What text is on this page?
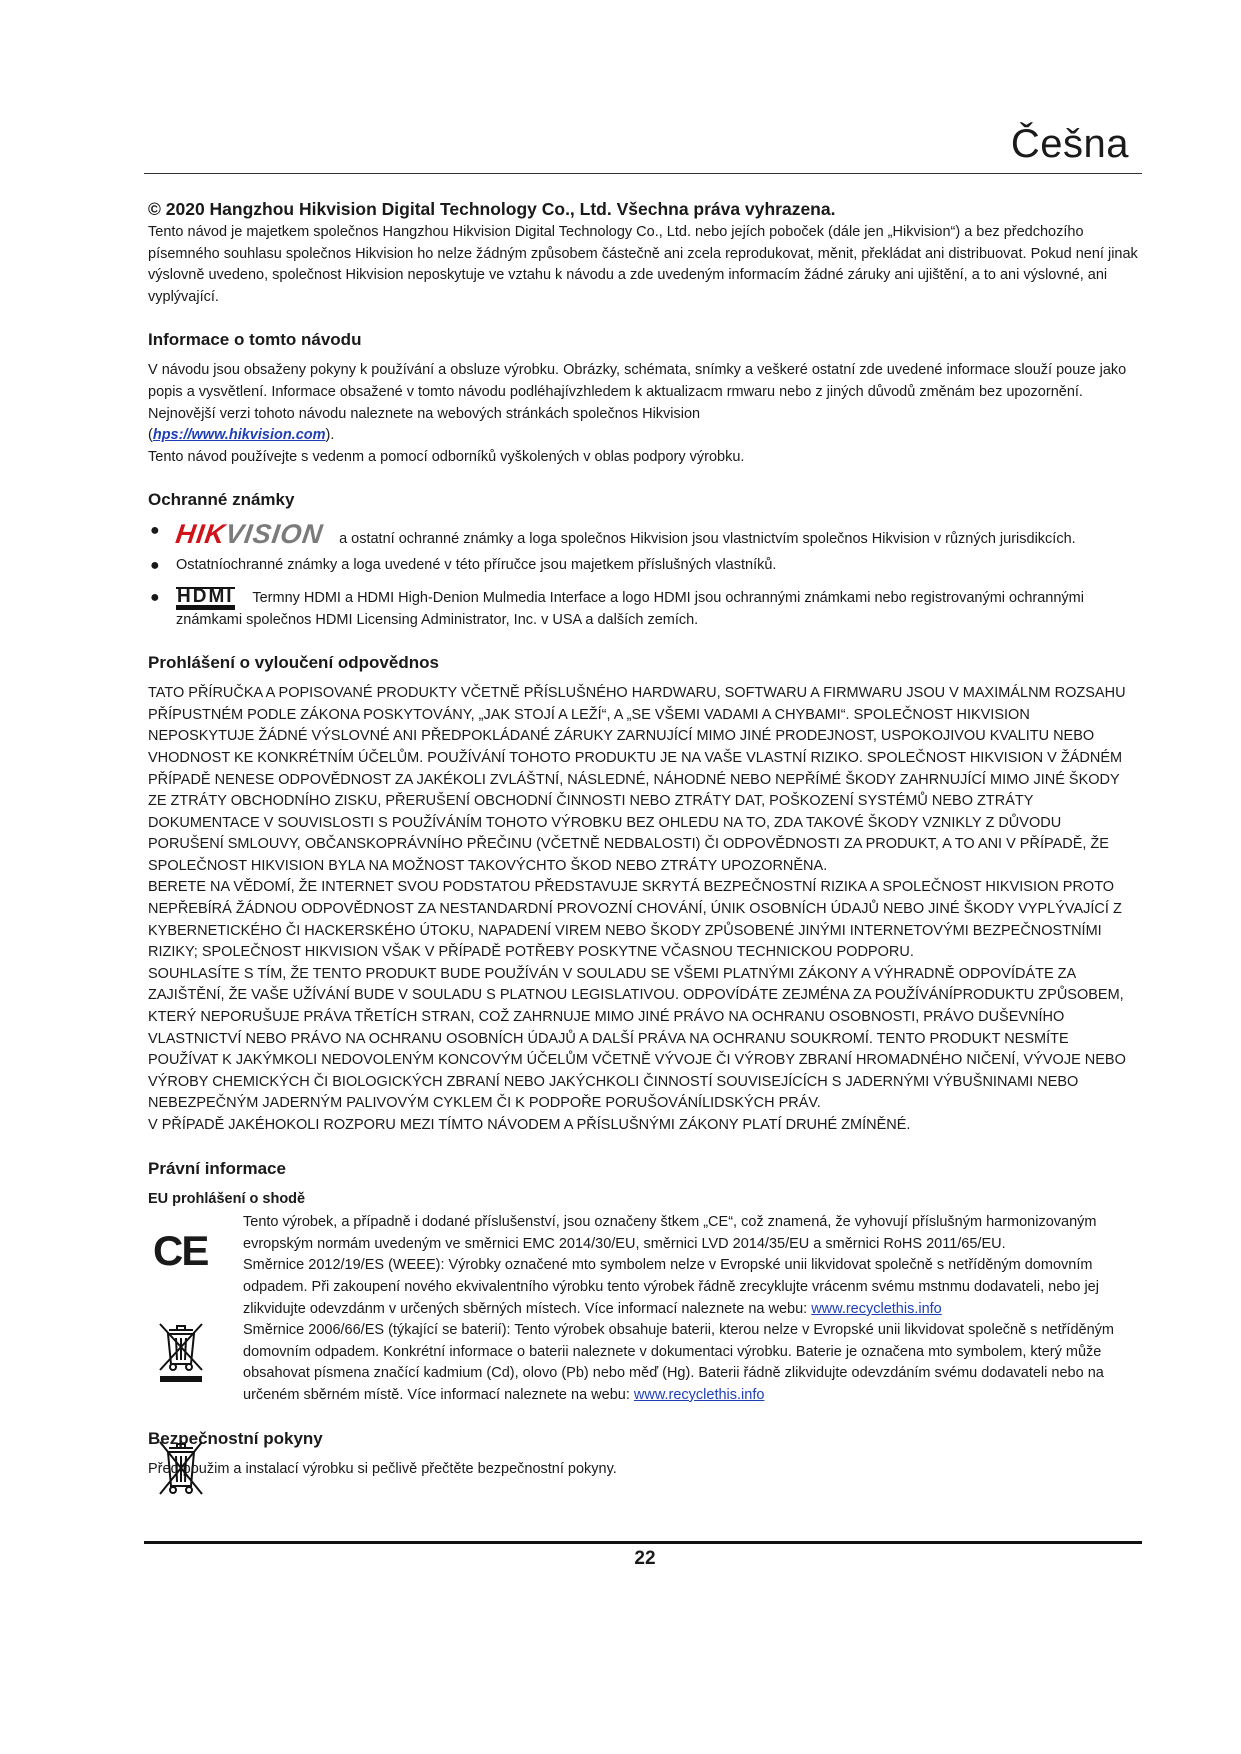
Češna

© 2020 Hangzhou Hikvision Digital Technology Co., Ltd. Všechna práva vyhrazena.

Tento návod je majetkem společnos Hangzhou Hikvision Digital Technology Co., Ltd. nebo jejích poboček (dále jen „Hikvision“) a bez předchozího písemného souhlasu společnos Hikvision ho nelze žádným způsobem částečně ani zcela reprodukovat, měnit, překládat ani distribuovat. Pokud není jinak výslovně uvedeno, společnost Hikvision neposkytuje ve vztahu k návodu a zde uvedeným informacím žádné záruky ani ujištění, a to ani výslovné, ani vyplývající.

Informace o tomto návodu

V návodu jsou obsaženy pokyny k používání a obsluze výrobku. Obrázky, schémata, snímky a veškeré ostatní zde uvedené informace slouží pouze jako popis a vysvětlení. Informace obsažené v tomto návodu podléhajívzhledem k aktualizacm rmwaru nebo z jiných důvodů změnám bez upozornění. Nejnovější verzi tohoto návodu naleznete na webových stránkách společnos Hikvision
(hps://www.hikvision.com).

Tento návod používejte s vedenm a pomocí odborníků vyškolených v oblas podpory výrobku.

Ochranné známky
● HIKVISION a ostatní ochranné známky a loga společnos Hikvision jsou vlastnictvím společnos Hikvision v různých jurisdikcích.
● Ostatníochranné známky a loga uvedené v této příručce jsou majetkem příslušných vlastníků.
● HDMI Termny HDMI a HDMI High-Denion Mulmedia Interface a logo HDMI jsou ochrannými známkami nebo registrovanými ochrannými známkami společnos HDMI Licensing Administrator, Inc. v USA a dalších zemích.
Prohlášení o vyloučení odpovědnos

TATO PŘÍRUČKA A POPISOVANÉ PRODUKTY VČETNĚ PŘÍSLUŠNÉHO HARDWARU, SOFTWARU A FIRMWARU JSOU V MAXIMÁLNM ROZSAHU PŘÍPUSTNÉM PODLE ZÁKONA POSKYTOVÁNY, „JAK STOJÍ A LEŽÍ“, A „SE VŠEMI VADAMI A CHYBAMI“. SPOLEČNOST HIKVISION NEPOSKYTUJE ŽÁDNÉ VÝSLOVNÉ ANI PŘEDPOKLÁDANÉ ZÁRUKY ZARNUJÍCÍ MIMO JINÉ PRODEJNOST, USPOKOJIVOU KVALITU NEBO VHODNOST KE KONKRÉTNÍM ÚČELŮM. POUŽÍVÁNÍ TOHOTO PRODUKTU JE NA VAŠE VLASTNÍ RIZIKO. SPOLEČNOST HIKVISION V ŽÁDNÉM PŘÍPADĚ NENESE ODPOVĚDNOST ZA JAKÉKOLI ZVLÁŠTNÍ, NÁSLEDNÉ, NÁHODNÉ NEBO NEPŘÍMÉ ŠKODY ZAHRNUJÍCÍ MIMO JINÉ ŠKODY ZE ZTRÁTY OBCHODNÍHO ZISKU, PŘERUŠENÍ OBCHODNÍ ČINNOSTI NEBO ZTRÁTY DAT, POŠKOZENÍ SYSTÉMŮ NEBO ZTRÁTY DOKUMENTACE V SOUVISLOSTI S POUŽÍVÁNÍM TOHOTO VÝROBKU BEZ OHLEDU NA TO, ZDA TAKOVÉ ŠKODY VZNIKLY Z DŮVODU PORUŠENÍ SMLOUVY, OBČANSKOPRÁVNÍHO PŘEČINU (VČETNĚ NEDBALOSTI) ČI ODPOVĚDNOSTI ZA PRODUKT, A TO ANI V PŘÍPADĚ, ŽE SPOLEČNOST HIKVISION BYLA NA MOŽNOST TAKOVÝCHTO ŠKOD NEBO ZTRÁTY UPOZORNĚNA.

BERETE NA VĚDOMÍ, ŽE INTERNET SVOU PODSTATOU PŘEDSTAVUJE SKRYTÁ BEZPEČNOSTNÍ RIZIKA A SPOLEČNOST HIKVISION PROTO NEPŘEBÍRÁ ŽÁDNOU ODPOVĚDNOST ZA NESTANDARDNÍ PROVOZNÍ CHOVÁNÍ, ÚNIK OSOBNÍCH ÚDAJŮ NEBO JINÉ ŠKODY VYPLÝVAJÍCÍ Z KYBERNETICKÉHO ČI HACKERSKÉHO ÚTOKU, NAPADENÍ VIREM NEBO ŠKODY ZPŮSOBENÉ JINÝMI INTERNETOVÝMI BEZPEČNOSTNÍMI RIZIKY; SPOLEČNOST HIKVISION VŠAK V PŘÍPADĚ POTŘEBY POSKYTNE VČASNOU TECHNICKOU PODPORU.

SOUHLASÍTE S TÍM, ŽE TENTO PRODUKT BUDE POUŽÍVÁN V SOULADU SE VŠEMI PLATNÝMI ZÁKONY A VÝHRADNĚ ODPOVÍDÁTE ZA ZAJIŠTĚNÍ, ŽE VAŠE UŽÍVÁNÍ BUDE V SOULADU S PLATNOU LEGISLATIVOU. ODPOVÍDÁTE ZEJMÉNA ZA POUŽÍVÁNÍPRODUKTU ZPŮSOBEM, KTERÝ NEPORUŠUJE PRÁVA TŘETÍCH STRAN, COŽ ZAHRNUJE MIMO JINÉ PRÁVO NA OCHRANU OSOBNOSTI, PRÁVO DUŠEVNÍHO VLASTNICTVÍ NEBO PRÁVO NA OCHRANU OSOBNÍCH ÚDAJŮ A DALŠÍ PRÁVA NA OCHRANU SOUKROMÍ. TENTO PRODUKT NESMÍTE POUŽÍVAT K JAKÝMKOLI NEDOVOLENÝM KONCOVÝM ÚČELŮM VČETNĚ VÝVOJE ČI VÝROBY ZBRANÍ HROMADNÉHO NIČENÍ, VÝVOJE NEBO VÝROBY CHEMICKÝCH ČI BIOLOGICKÝCH ZBRANÍ NEBO JAKÝCHKOLI ČINNOSTÍ SOUVISEJÍCÍCH S JADERNÝMI VÝBUŠNINAMI NEBO NEBEZPEČNÝM JADERNÝM PALIVOVÝM CYKLEM ČI K PODPOŘE PORUŠOVÁNÍLIDSKÝCH PRÁV.

V PŘÍPADĚ JAKÉHOKOLI ROZPORU MEZI TÍMTO NÁVODEM A PŘÍSLUŠNÝMI ZÁKONY PLATÍ DRUHÉ ZMÍNĚNÉ.

Právní informace
EU prohlášení o shodě
CE

Tento výrobek, a případně i dodané příslušenství, jsou označeny štkem „CE“, což znamená, že vyhovují příslušným harmonizovaným evropským normám uvedeným ve směrnici EMC 2014/30/EU, směrnici LVD 2014/35/EU a směrnici RoHS 2011/65/EU.

Směrnice 2012/19/ES (WEEE): Výrobky označené mto symbolem nelze v Evropské unii likvidovat společně s netříděným domovním odpadem. Při zakoupení nového ekvivalentního výrobku tento výrobek řádně zrecyklujte vrácenm svému mstnmu dodavateli, nebo jej zlikvidujte odevzdánm v určených sběrných místech. Více informací naleznete na webu: www.recyclethis.info

Směrnice 2006/66/ES (týkající se baterií): Tento výrobek obsahuje baterii, kterou nelze v Evropské unii likvidovat společně s netříděným domovním odpadem. Konkrétní informace o baterii naleznete v dokumentaci výrobku. Baterie je označena mto symbolem, který může obsahovat písmena značící kadmium (Cd), olovo (Pb) nebo měď (Hg). Baterii řádně zlikvidujte odevzdáním svému dodavateli nebo na určeném sběrném místě. Více informací naleznete na webu: www.recyclethis.info

Bezpečnostní pokyny

Před použim a instalací výrobku si pečlivě přečtěte bezpečnostní pokyny.

22
